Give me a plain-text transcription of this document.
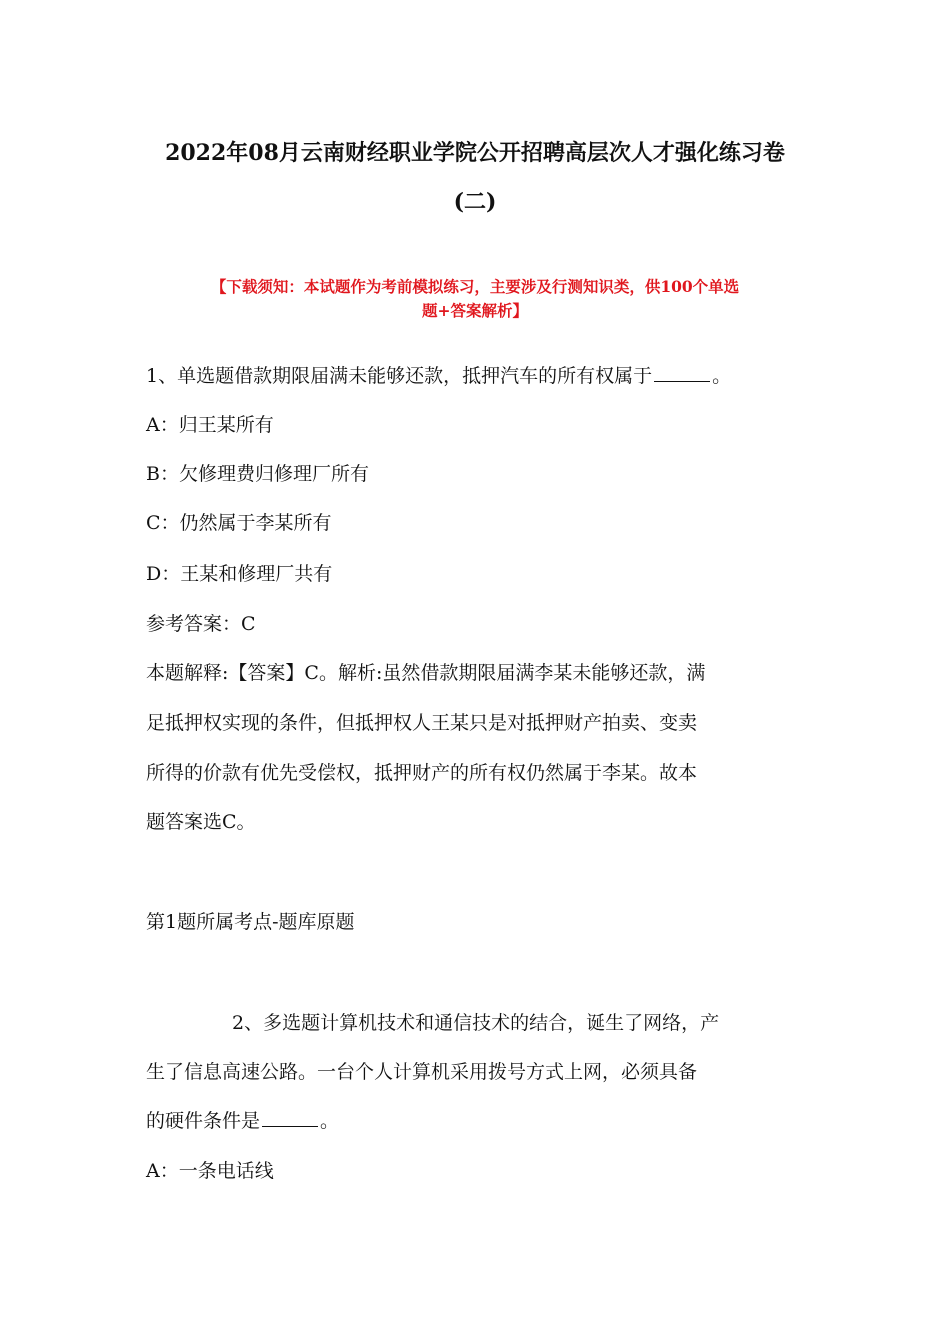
2022年08月云南财经职业学院公开招聘高层次人才强化练习卷
(二)
【下载须知：本试题作为考前模拟练习，主要涉及行测知识类，供100个单选
题+答案解析】
1、单选题借款期限届满未能够还款，抵押汽车的所有权属于	。
A：归王某所有
B：欠修理费归修理厂所有
C：仍然属于李某所有
D：王某和修理厂共有
参考答案：C
本题解释:【答案】C。解析:虽然借款期限届满李某未能够还款，满
足抵押权实现的条件，但抵押权人王某只是对抵押财产拍卖、变卖
所得的价款有优先受偿权，抵押财产的所有权仍然属于李某。故本
题答案选C。
第1题所属考点-题库原题
2、多选题计算机技术和通信技术的结合，诞生了网络，产
生了信息高速公路。一台个人计算机采用拨号方式上网，必须具备
的硬件条件是	。
A：一条电话线
